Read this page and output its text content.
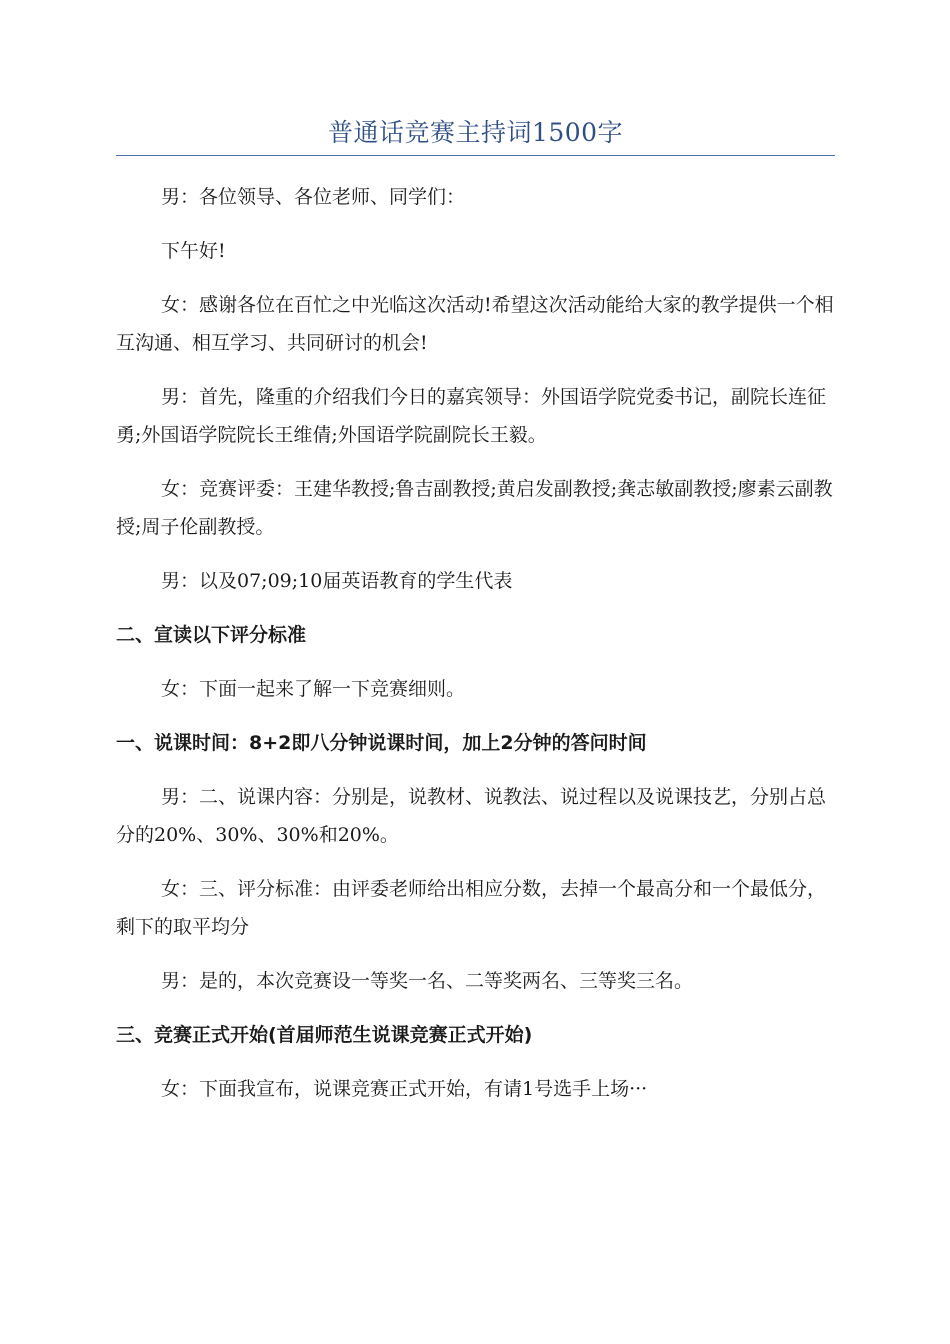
普通话竞赛主持词1500字

男：各位领导、各位老师、同学们：

下午好!

女：感谢各位在百忙之中光临这次活动!希望这次活动能给大家的教学提供一个相互沟通、相互学习、共同研讨的机会!

男：首先，隆重的介绍我们今日的嘉宾领导：外国语学院党委书记，副院长连征勇;外国语学院院长王维倩;外国语学院副院长王毅。

女：竞赛评委：王建华教授;鲁吉副教授;黄启发副教授;龚志敏副教授;廖素云副教授;周子伦副教授。

男：以及07;09;10届英语教育的学生代表

二、宣读以下评分标准

女：下面一起来了解一下竞赛细则。

一、说课时间：8+2即八分钟说课时间，加上2分钟的答问时间

男：二、说课内容：分别是，说教材、说教法、说过程以及说课技艺，分别占总分的20%、30%、30%和20%。

女：三、评分标准：由评委老师给出相应分数，去掉一个最高分和一个最低分，剩下的取平均分

男：是的，本次竞赛设一等奖一名、二等奖两名、三等奖三名。

三、竞赛正式开始(首届师范生说课竞赛正式开始)

女：下面我宣布，说课竞赛正式开始，有请1号选手上场···
